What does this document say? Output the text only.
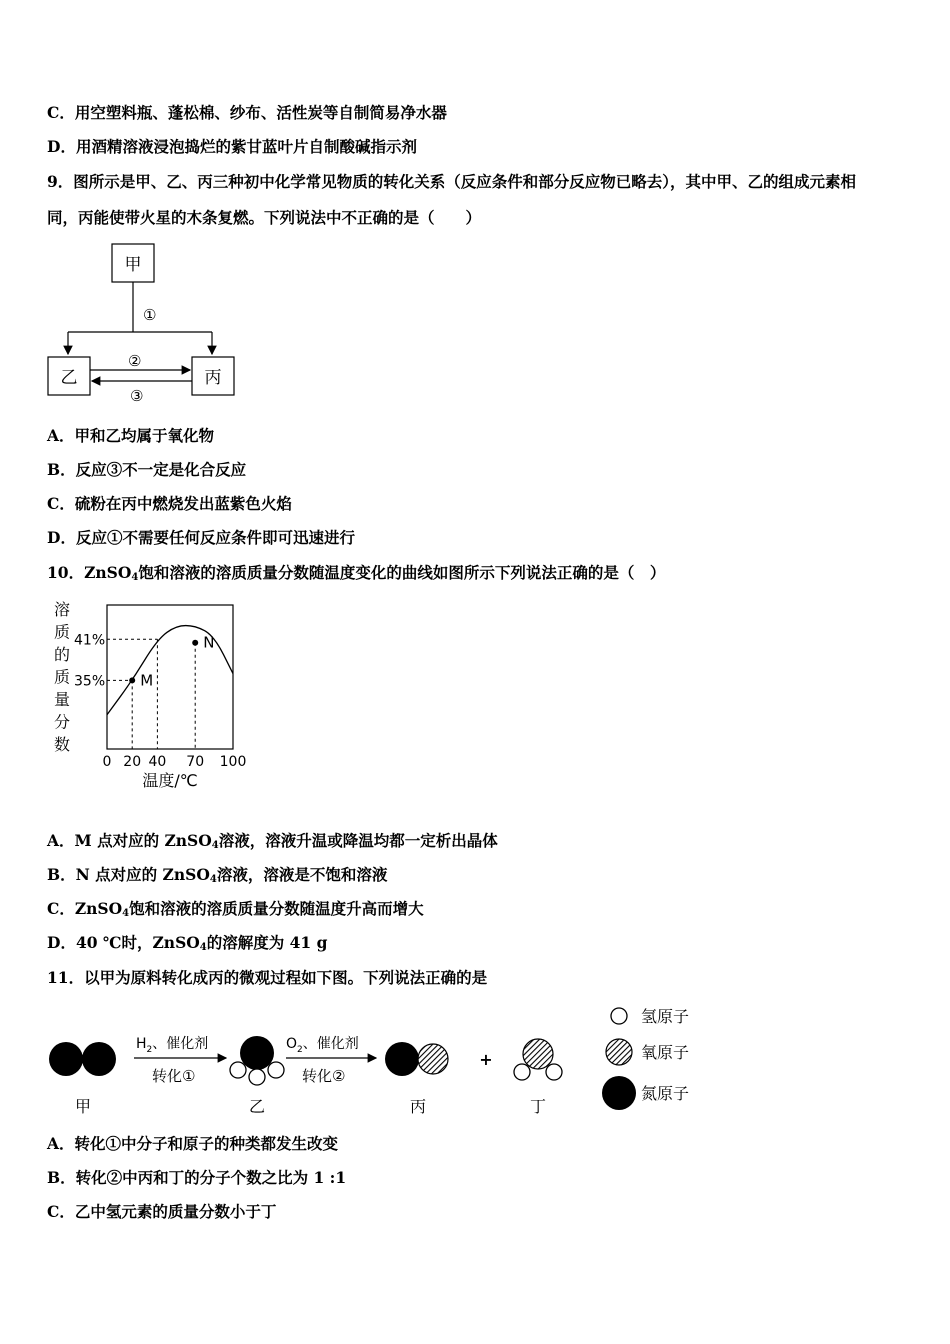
C．用空塑料瓶、蓬松棉、纱布、活性炭等自制简易净水器
D．用酒精溶液浸泡捣烂的紫甘蓝叶片自制酸碱指示剂
9．图所示是甲、乙、丙三种初中化学常见物质的转化关系（反应条件和部分反应物已略去），其中甲、乙的组成元素相
同，丙能使带火星的木条复燃。下列说法中不正确的是（　　）
甲
①
乙	丙
②
③
A．甲和乙均属于氧化物
B．反应③不一定是化合反应
C．硫粉在丙中燃烧发出蓝紫色火焰
D．反应①不需要任何反应条件即可迅速进行
10．ZnSO$_4$饱和溶液的溶质质量分数随温度变化的曲线如图所示下列说法正确的是（　）
溶
质
的
质
量
分
数
41%
35% M
N
0 20 40 70 100
温度/℃
A．M 点对应的 ZnSO$_4$溶液，溶液升温或降温均都一定析出晶体
B．N 点对应的 ZnSO$_4$溶液，溶液是不饱和溶液
C．ZnSO$_4$饱和溶液的溶质质量分数随温度升高而增大
D．40 ℃时，ZnSO$_4$的溶解度为 41 g
11．以甲为原料转化成丙的微观过程如下图。下列说法正确的是
甲
$H_2$、催化剂
转化①
乙
$O_2$、催化剂
转化②
丙
+
丁
氢原子
氧原子
氮原子
A．转化①中分子和原子的种类都发生改变
B．转化②中丙和丁的分子个数之比为 1 :1
C．乙中氢元素的质量分数小于丁
